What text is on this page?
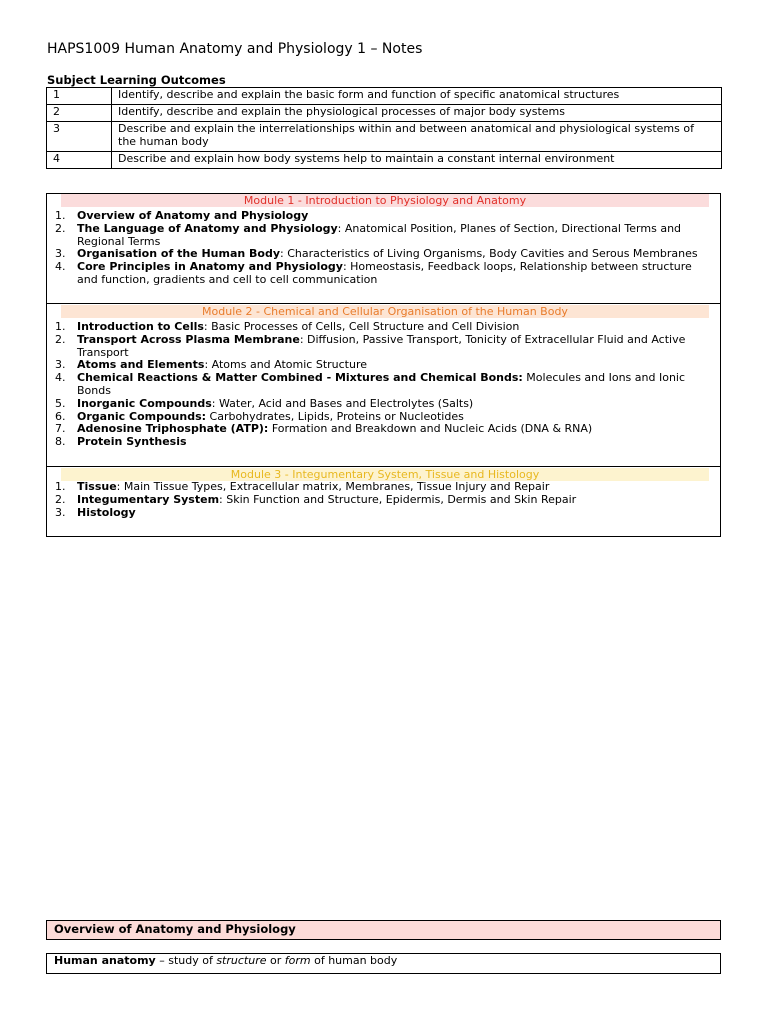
HAPS1009 Human Anatomy and Physiology 1 – Notes
Subject Learning Outcomes
1	Identify, describe and explain the basic form and function of specific anatomical structures
2	Identify, describe and explain the physiological processes of major body systems
3	Describe and explain the interrelationships within and between anatomical and physiological systems of the human body
4	Describe and explain how body systems help to maintain a constant internal environment
Module 1 - Introduction to Physiology and Anatomy
1. Overview of Anatomy and Physiology
2. The Language of Anatomy and Physiology: Anatomical Position, Planes of Section, Directional Terms and Regional Terms
3. Organisation of the Human Body: Characteristics of Living Organisms, Body Cavities and Serous Membranes
4. Core Principles in Anatomy and Physiology: Homeostasis, Feedback loops, Relationship between structure and function, gradients and cell to cell communication
Module 2 - Chemical and Cellular Organisation of the Human Body
1. Introduction to Cells: Basic Processes of Cells, Cell Structure and Cell Division
2. Transport Across Plasma Membrane: Diffusion, Passive Transport, Tonicity of Extracellular Fluid and Active Transport
3. Atoms and Elements: Atoms and Atomic Structure
4. Chemical Reactions & Matter Combined - Mixtures and Chemical Bonds: Molecules and Ions and Ionic Bonds
5. Inorganic Compounds: Water, Acid and Bases and Electrolytes (Salts)
6. Organic Compounds: Carbohydrates, Lipids, Proteins or Nucleotides
7. Adenosine Triphosphate (ATP): Formation and Breakdown and Nucleic Acids (DNA & RNA)
8. Protein Synthesis
Module 3 - Integumentary System, Tissue and Histology
1. Tissue: Main Tissue Types, Extracellular matrix, Membranes, Tissue Injury and Repair
2. Integumentary System: Skin Function and Structure, Epidermis, Dermis and Skin Repair
3. Histology
Overview of Anatomy and Physiology
Human anatomy – study of structure or form of human body
